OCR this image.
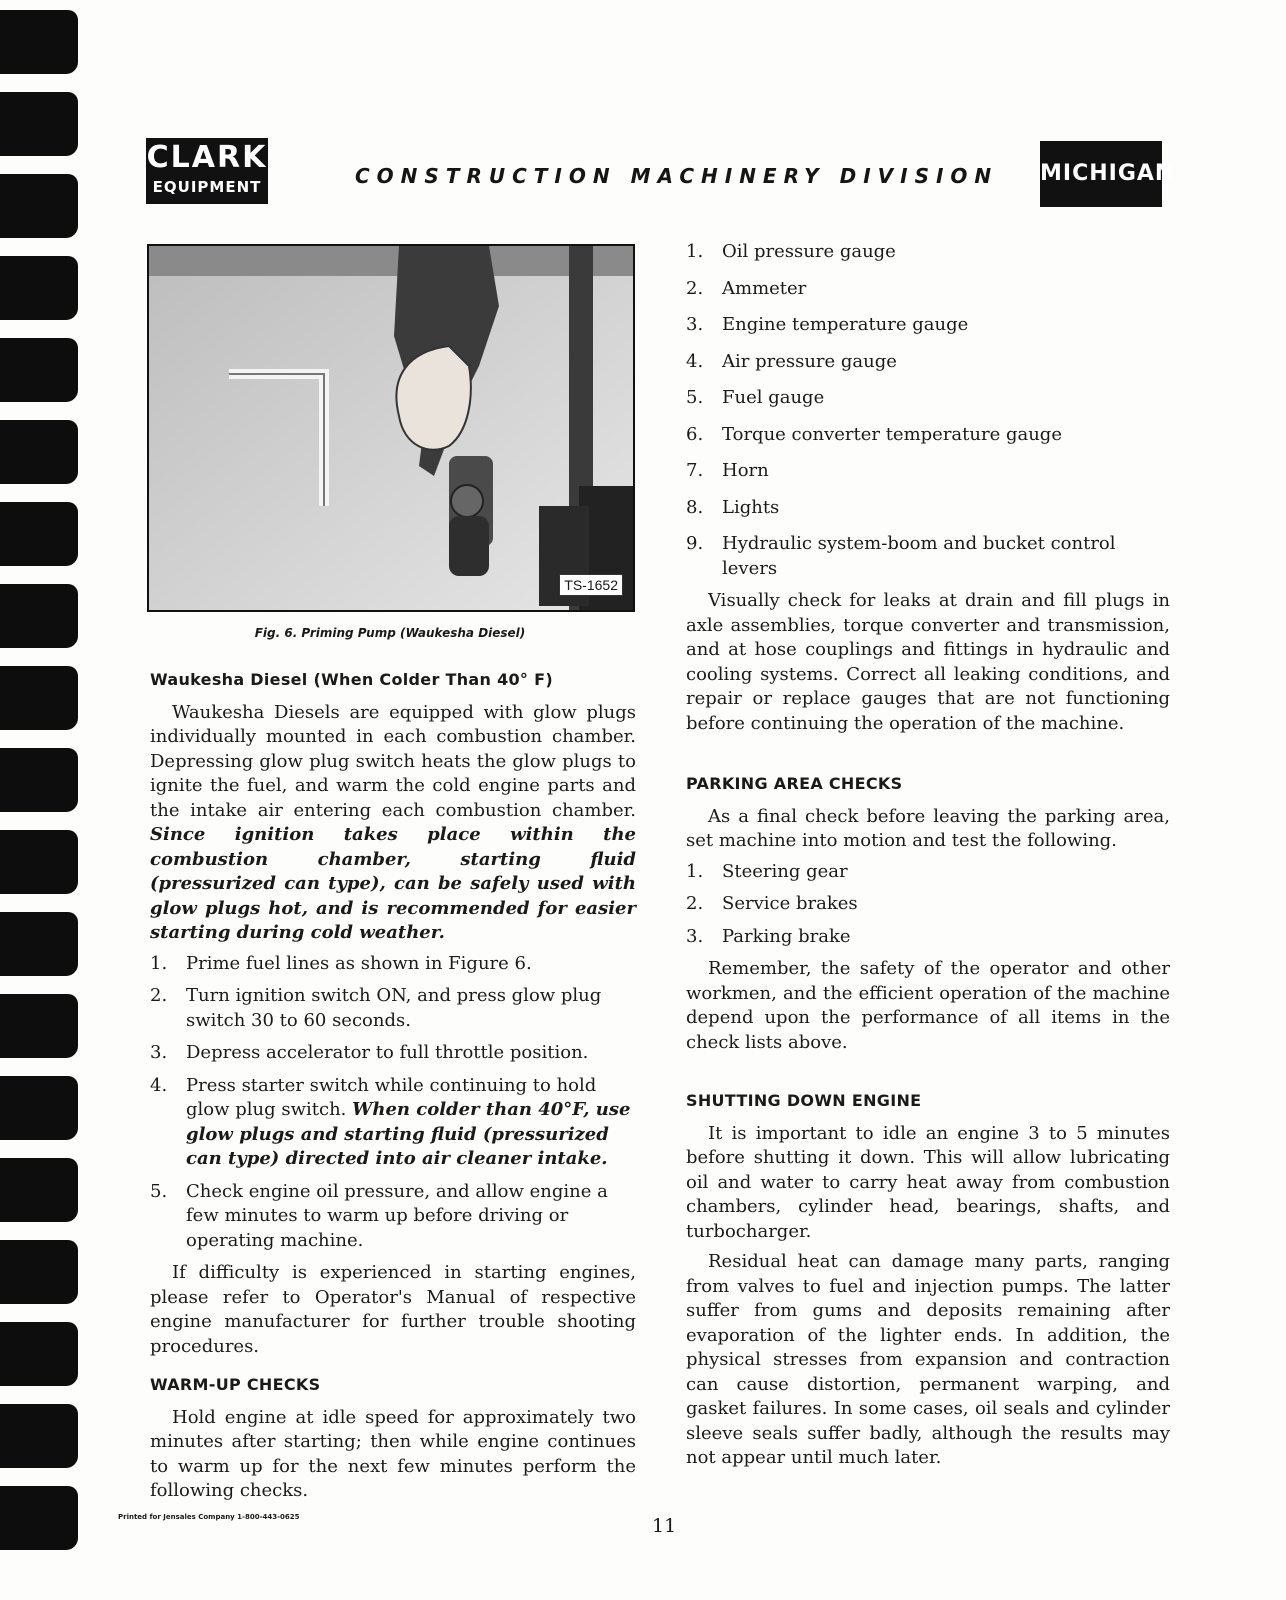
CLARK
EQUIPMENT	CONSTRUCTION MACHINERY DIVISION MICHIGAN
TS-1652
Fig. 6. Priming Pump (Waukesha Diesel)
Waukesha Diesel (When Colder Than 40° F)

Waukesha Diesels are equipped with glow plugs individually mounted in each combustion chamber. Depressing glow plug switch heats the glow plugs to ignite the fuel, and warm the cold engine parts and the intake air entering each combustion chamber. Since ignition takes place within the combustion chamber, starting fluid (pressurized can type), can be safely used with glow plugs hot, and is recommended for easier starting during cold weather.

1.	Prime fuel lines as shown in Figure 6.
2.	Turn ignition switch ON, and press glow plug switch 30 to 60 seconds.
3.	Depress accelerator to full throttle position.
4.	Press starter switch while continuing to hold glow plug switch. When colder than 40°F, use glow plugs and starting fluid (pressurized can type) directed into air cleaner intake.
5.	Check engine oil pressure, and allow engine a few minutes to warm up before driving or operating machine.

If difficulty is experienced in starting engines, please refer to Operator's Manual of respective engine manufacturer for further trouble shooting procedures.

WARM-UP CHECKS

Hold engine at idle speed for approximately two minutes after starting; then while engine continues to warm up for the next few minutes perform the following checks.

1.	Oil pressure gauge
2.	Ammeter
3.	Engine temperature gauge
4.	Air pressure gauge
5.	Fuel gauge
6.	Torque converter temperature gauge
7.	Horn
8.	Lights
9.	Hydraulic system-boom and bucket control levers

Visually check for leaks at drain and fill plugs in axle assemblies, torque converter and transmission, and at hose couplings and fittings in hydraulic and cooling systems. Correct all leaking conditions, and repair or replace gauges that are not functioning before continuing the operation of the machine.

PARKING AREA CHECKS

As a final check before leaving the parking area, set machine into motion and test the following.

1.	Steering gear
2.	Service brakes
3.	Parking brake

Remember, the safety of the operator and other workmen, and the efficient operation of the machine depend upon the performance of all items in the check lists above.

SHUTTING DOWN ENGINE

It is important to idle an engine 3 to 5 minutes before shutting it down. This will allow lubricating oil and water to carry heat away from combustion chambers, cylinder head, bearings, shafts, and turbocharger.

Residual heat can damage many parts, ranging from valves to fuel and injection pumps. The latter suffer from gums and deposits remaining after evaporation of the lighter ends. In addition, the physical stresses from expansion and contraction can cause distortion, permanent warping, and gasket failures. In some cases, oil seals and cylinder sleeve seals suffer badly, although the results may not appear until much later.

Printed for Jensales Company 1-800-443-0625	11
